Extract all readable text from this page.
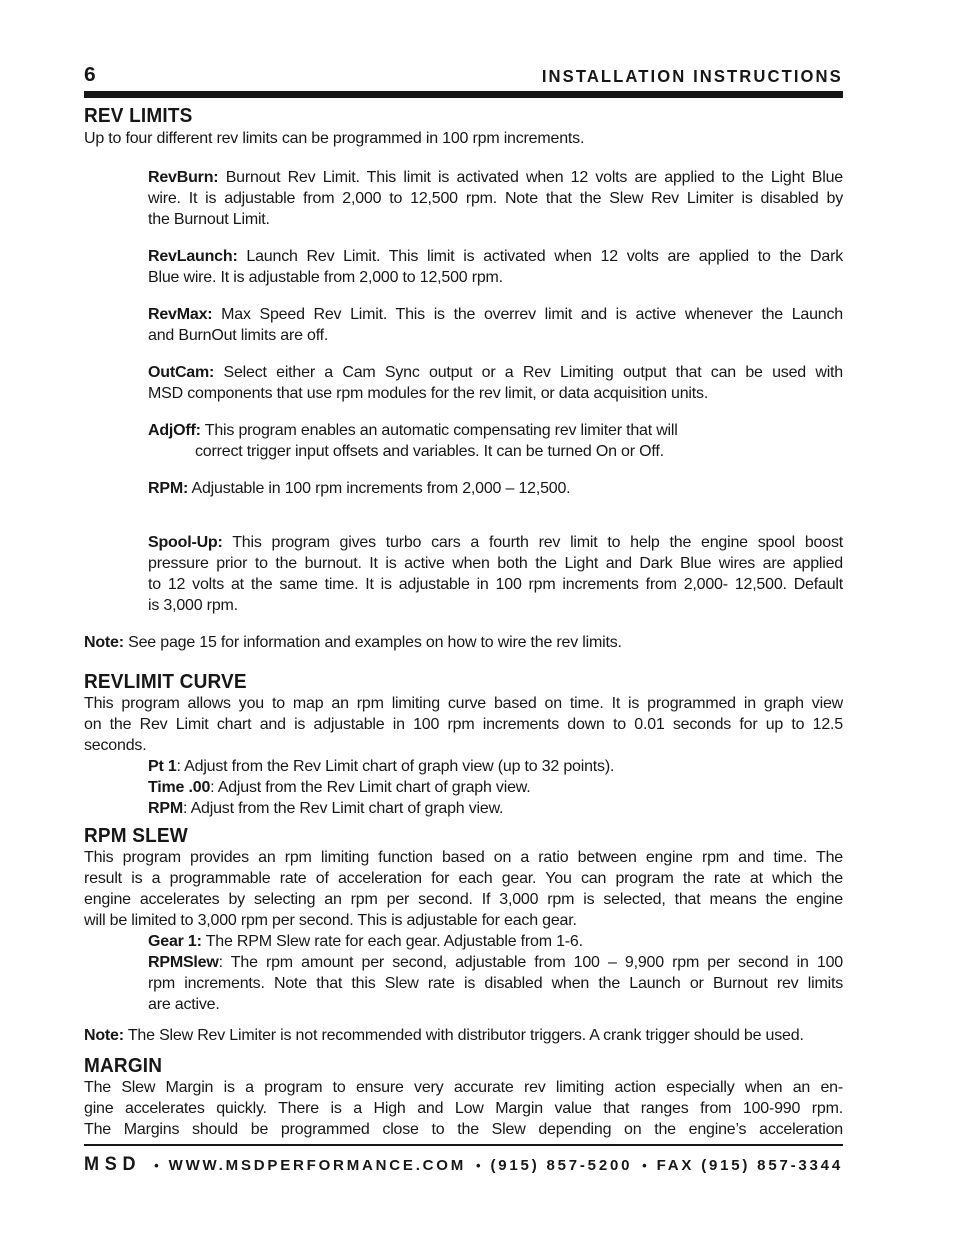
6	INSTALLATION INSTRUCTIONS
REV LIMITS
Up to four different rev limits can be programmed in 100 rpm increments.
RevBurn: Burnout Rev Limit. This limit is activated when 12 volts are applied to the Light Blue
wire. It is adjustable from 2,000 to 12,500 rpm. Note that the Slew Rev Limiter is disabled by
the Burnout Limit.
RevLaunch: Launch Rev Limit. This limit is activated when 12 volts are applied to the Dark
Blue wire. It is adjustable from 2,000 to 12,500 rpm.
RevMax: Max Speed Rev Limit. This is the overrev limit and is active whenever the Launch
and BurnOut limits are off.
OutCam: Select either a Cam Sync output or a Rev Limiting output that can be used with
MSD components that use rpm modules for the rev limit, or data acquisition units.
AdjOff: This program enables an automatic compensating rev limiter that will
correct trigger input offsets and variables. It can be turned On or Off.
RPM: Adjustable in 100 rpm increments from 2,000 – 12,500.
Spool-Up: This program gives turbo cars a fourth rev limit to help the engine spool boost
pressure prior to the burnout. It is active when both the Light and Dark Blue wires are applied
to 12 volts at the same time. It is adjustable in 100 rpm increments from 2,000- 12,500. Default
is 3,000 rpm.
Note: See page 15 for information and examples on how to wire the rev limits.
REVLIMIT CURVE
This program allows you to map an rpm limiting curve based on time. It is programmed in graph view
on the Rev Limit chart and is adjustable in 100 rpm increments down to 0.01 seconds for up to 12.5
seconds.
Pt 1: Adjust from the Rev Limit chart of graph view (up to 32 points).
Time .00: Adjust from the Rev Limit chart of graph view.
RPM: Adjust from the Rev Limit chart of graph view.
RPM SLEW
This program provides an rpm limiting function based on a ratio between engine rpm and time. The
result is a programmable rate of acceleration for each gear. You can program the rate at which the
engine accelerates by selecting an rpm per second. If 3,000 rpm is selected, that means the engine
will be limited to 3,000 rpm per second. This is adjustable for each gear.
Gear 1: The RPM Slew rate for each gear. Adjustable from 1-6.
RPMSlew: The rpm amount per second, adjustable from 100 – 9,900 rpm per second in 100
rpm increments. Note that this Slew rate is disabled when the Launch or Burnout rev limits
are active.
Note: The Slew Rev Limiter is not recommended with distributor triggers. A crank trigger should be used.
MARGIN
The Slew Margin is a program to ensure very accurate rev limiting action especially when an en-
gine accelerates quickly. There is a High and Low Margin value that ranges from 100-990 rpm.
The Margins should be programmed close to the Slew depending on the engine’s acceleration
MSD • WWW.MSDPERFORMANCE.COM • (915) 857-5200 • FAX (915) 857-3344
